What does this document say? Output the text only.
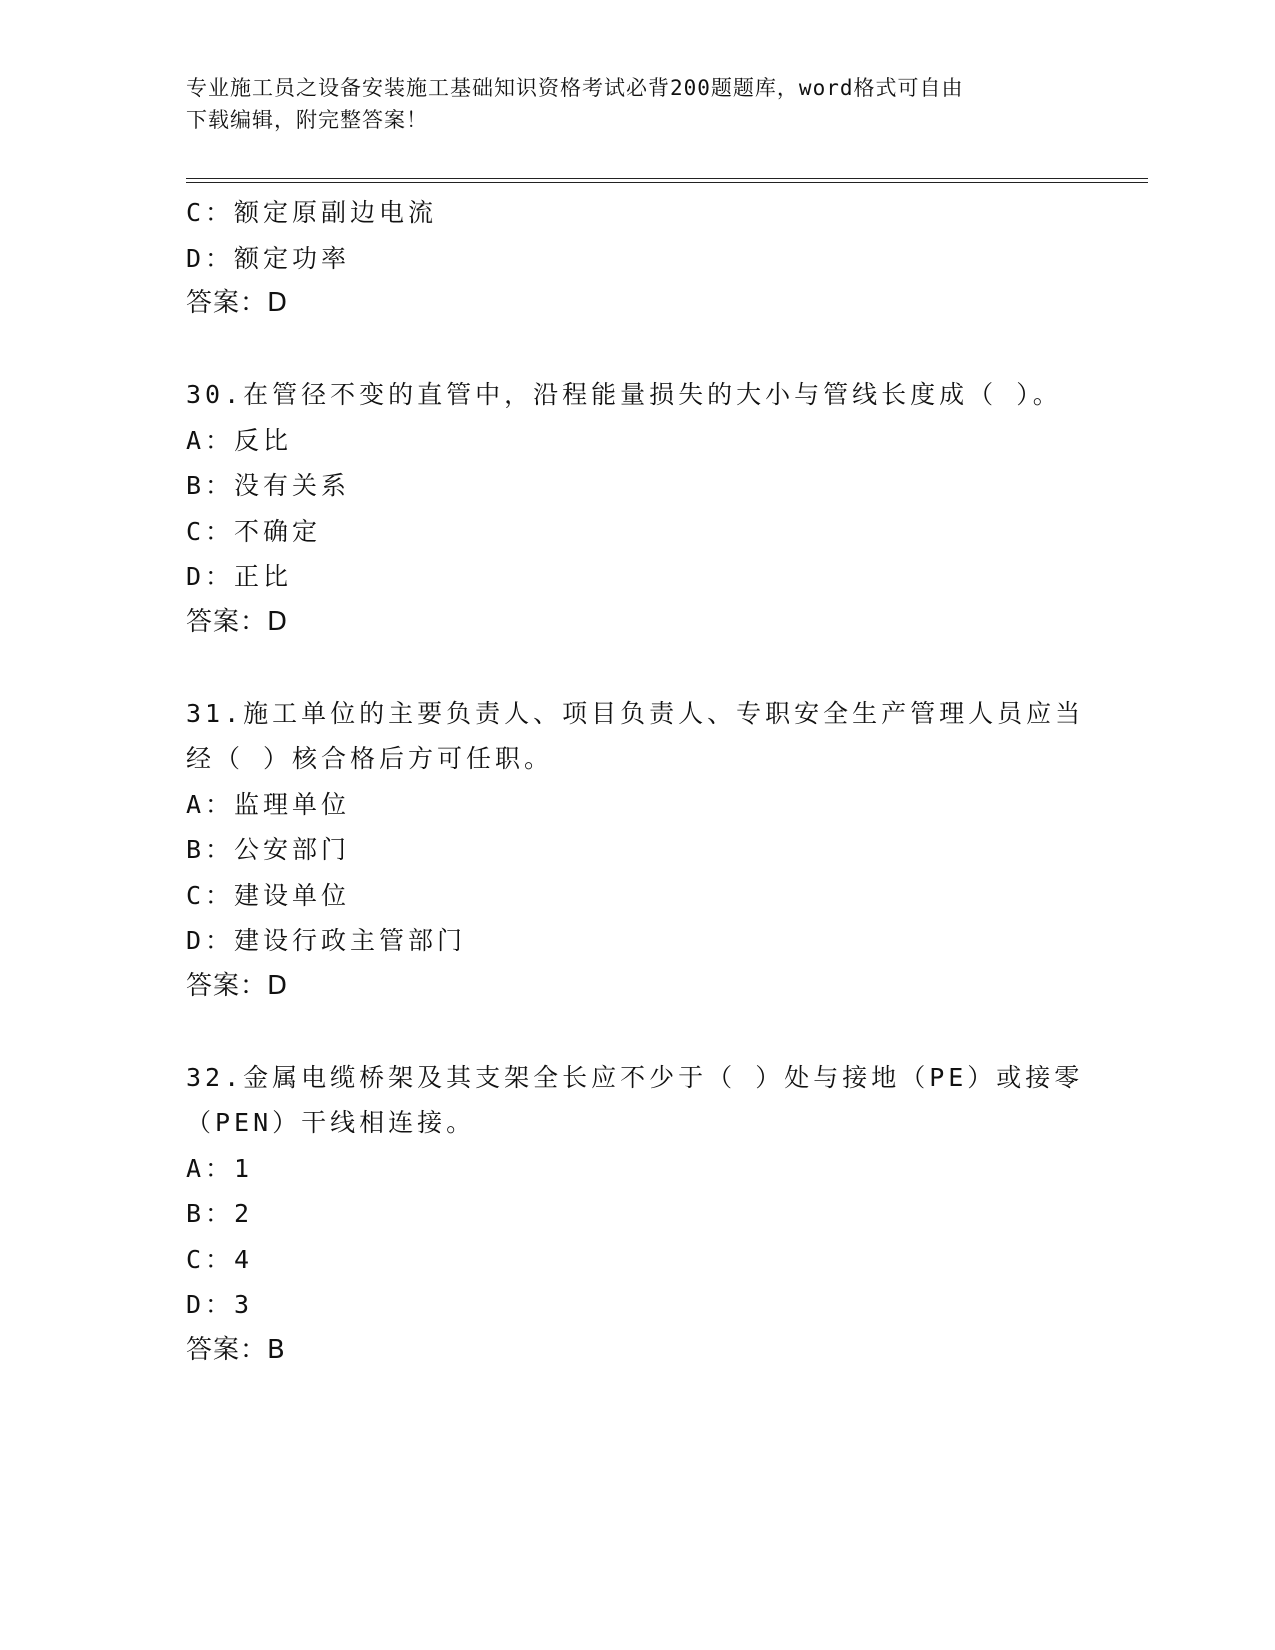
专业施工员之设备安装施工基础知识资格考试必背200题题库，word格式可自由
下载编辑，附完整答案！
C：额定原副边电流
D：额定功率
答案：D
30.在管径不变的直管中，沿程能量损失的大小与管线长度成（ ）。
A：反比
B：没有关系
C：不确定
D：正比
答案：D
31.施工单位的主要负责人、项目负责人、专职安全生产管理人员应当
经（ ）核合格后方可任职。
A：监理单位
B：公安部门
C：建设单位
D：建设行政主管部门
答案：D
32.金属电缆桥架及其支架全长应不少于（ ）处与接地（PE）或接零
（PEN）干线相连接。
A：1
B：2
C：4
D：3
答案：B
